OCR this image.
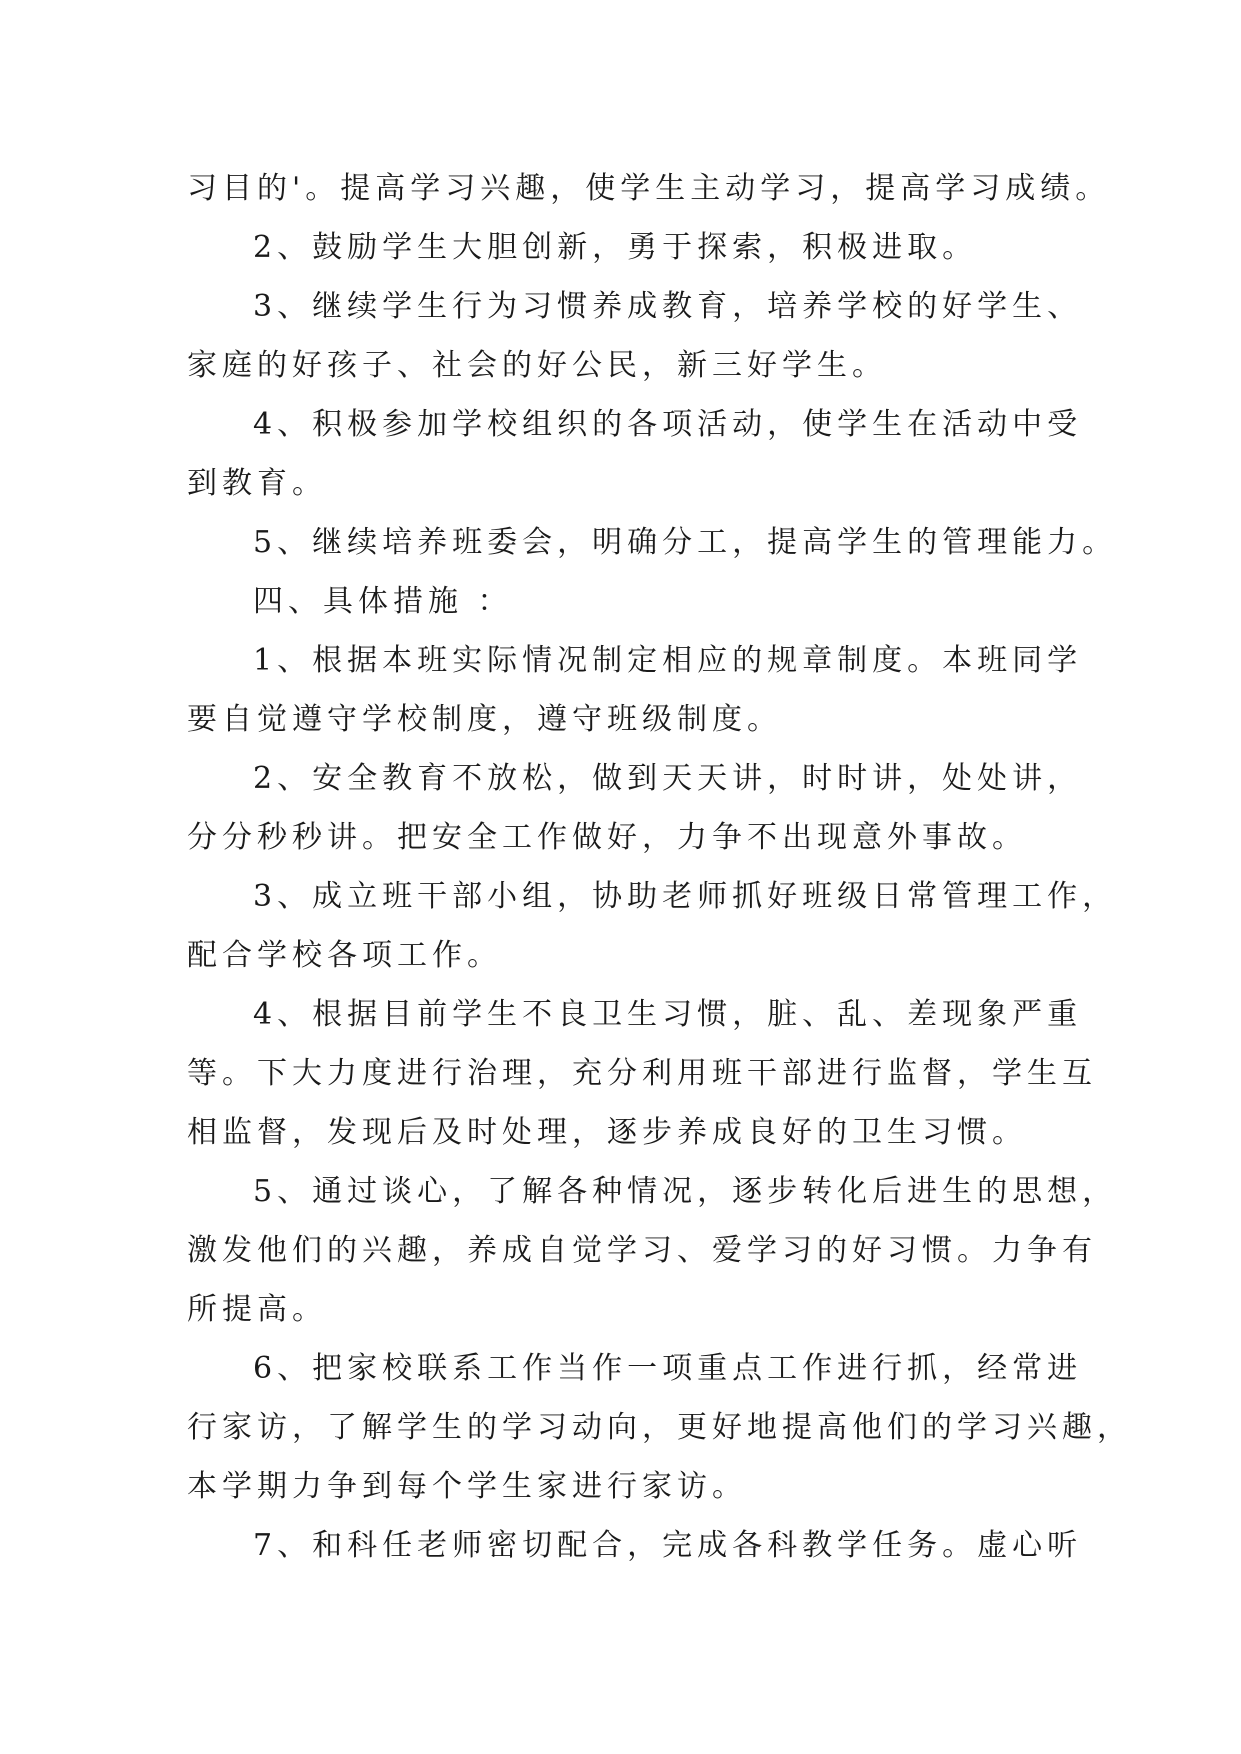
习目的'。提高学习兴趣，使学生主动学习，提高学习成绩。
2、鼓励学生大胆创新，勇于探索，积极进取。
3、继续学生行为习惯养成教育，培养学校的好学生、
家庭的好孩子、社会的好公民，新三好学生。
4、积极参加学校组织的各项活动，使学生在活动中受
到教育。
5、继续培养班委会，明确分工，提高学生的管理能力。
四、具体措施 ：
1、根据本班实际情况制定相应的规章制度。本班同学
要自觉遵守学校制度，遵守班级制度。
2、安全教育不放松，做到天天讲，时时讲，处处讲，
分分秒秒讲。把安全工作做好，力争不出现意外事故。
3、成立班干部小组，协助老师抓好班级日常管理工作，
配合学校各项工作。
4、根据目前学生不良卫生习惯，脏、乱、差现象严重
等。下大力度进行治理，充分利用班干部进行监督，学生互
相监督，发现后及时处理，逐步养成良好的卫生习惯。
5、通过谈心，了解各种情况，逐步转化后进生的思想，
激发他们的兴趣，养成自觉学习、爱学习的好习惯。力争有
所提高。
6、把家校联系工作当作一项重点工作进行抓，经常进
行家访，了解学生的学习动向，更好地提高他们的学习兴趣，
本学期力争到每个学生家进行家访。
7、和科任老师密切配合，完成各科教学任务。虚心听
